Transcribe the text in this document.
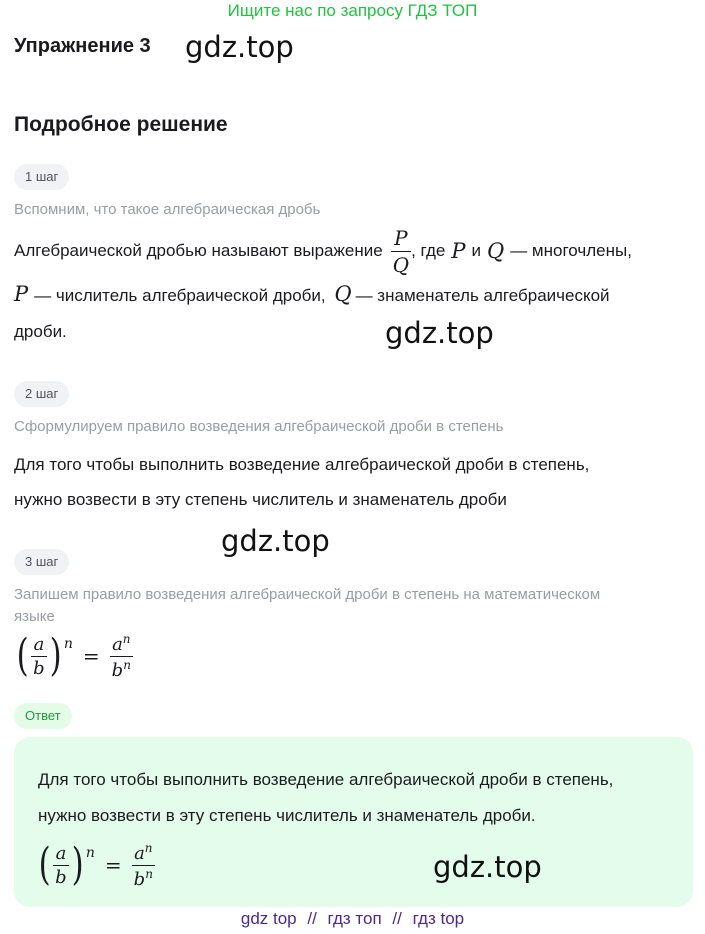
Ищите нас по запросу ГДЗ ТОП
Упражнение 3 gdz.top
Подробное решение
1 шаг
Вспомним, что такое алгебраическая дробь
Алгебраической дробью называют выражение $\frac{P}{Q}$ , где P и Q — многочлены,
P — числитель алгебраической дроби, Q — знаменатель алгебраической
дроби.	gdz.top
2 шаг
Сформулируем правило возведения алгебраической дроби в степень
Для того чтобы выполнить возведение алгебраической дроби в степень,
нужно возвести в эту степень числитель и знаменатель дроби
gdz.top
3 шаг
Запишем правило возведения алгебраической дроби в степень на математическом
языке
( $\frac{a}{b} )^n = \frac{a^n}{b^n}$
Ответ
Для того чтобы выполнить возведение алгебраической дроби в степень,
нужно возвести в эту степень числитель и знаменатель дроби.
( $\frac{a}{b} )^n = \frac{a^n}{b^n}$	gdz.top
gdz top // гдз топ // гдз top
